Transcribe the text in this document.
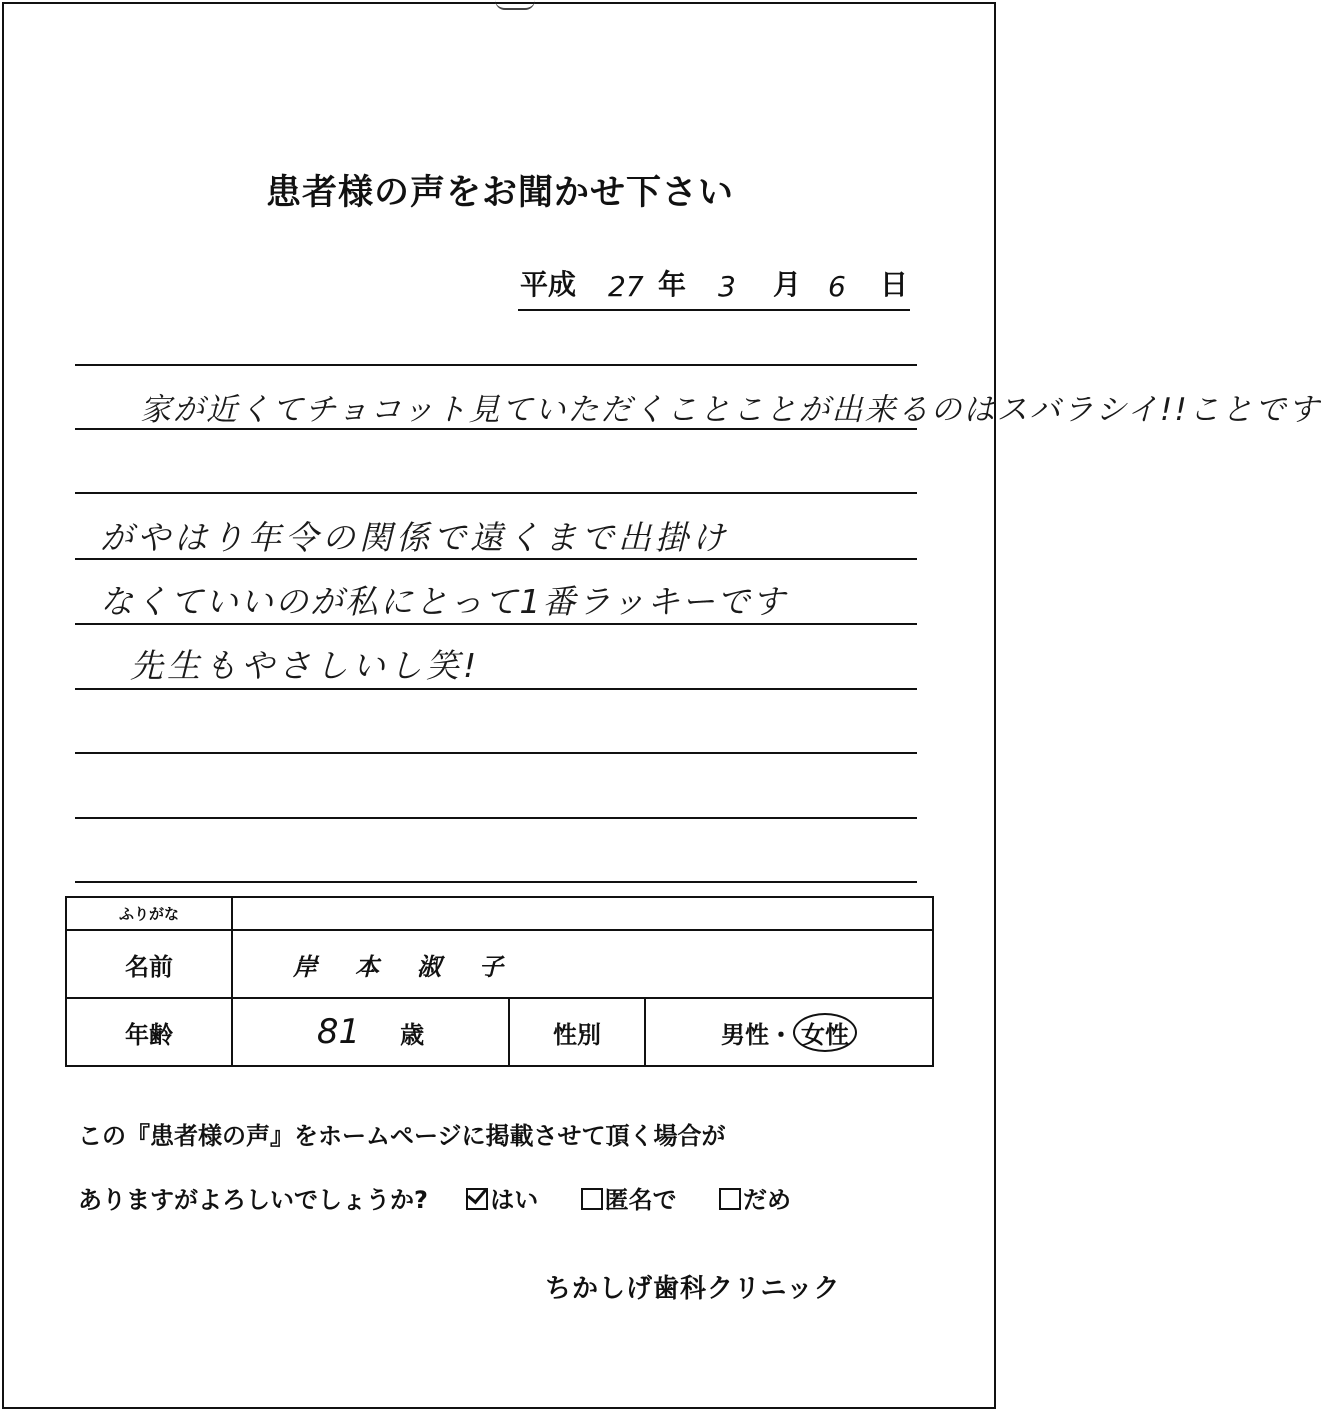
患者様の声をお聞かせ下さい
平成 27 年 3 月 6 日
家が近くてチョコット見ていただくことことが出来るのはスバラシイ!!ことです
がやはり年令の関係で遠くまで出掛け
なくていいのが私にとって1番ラッキーです
先生もやさしいし笑!
ふりがな			
名前	岸本淑子		
年齢	81 歳	性別	男性・ 女性
この『患者様の声』をホームページに掲載させて頂く場合が
ありますがよろしいでしょうか?	はい	匿名で	だめ
ちかしげ歯科クリニック
